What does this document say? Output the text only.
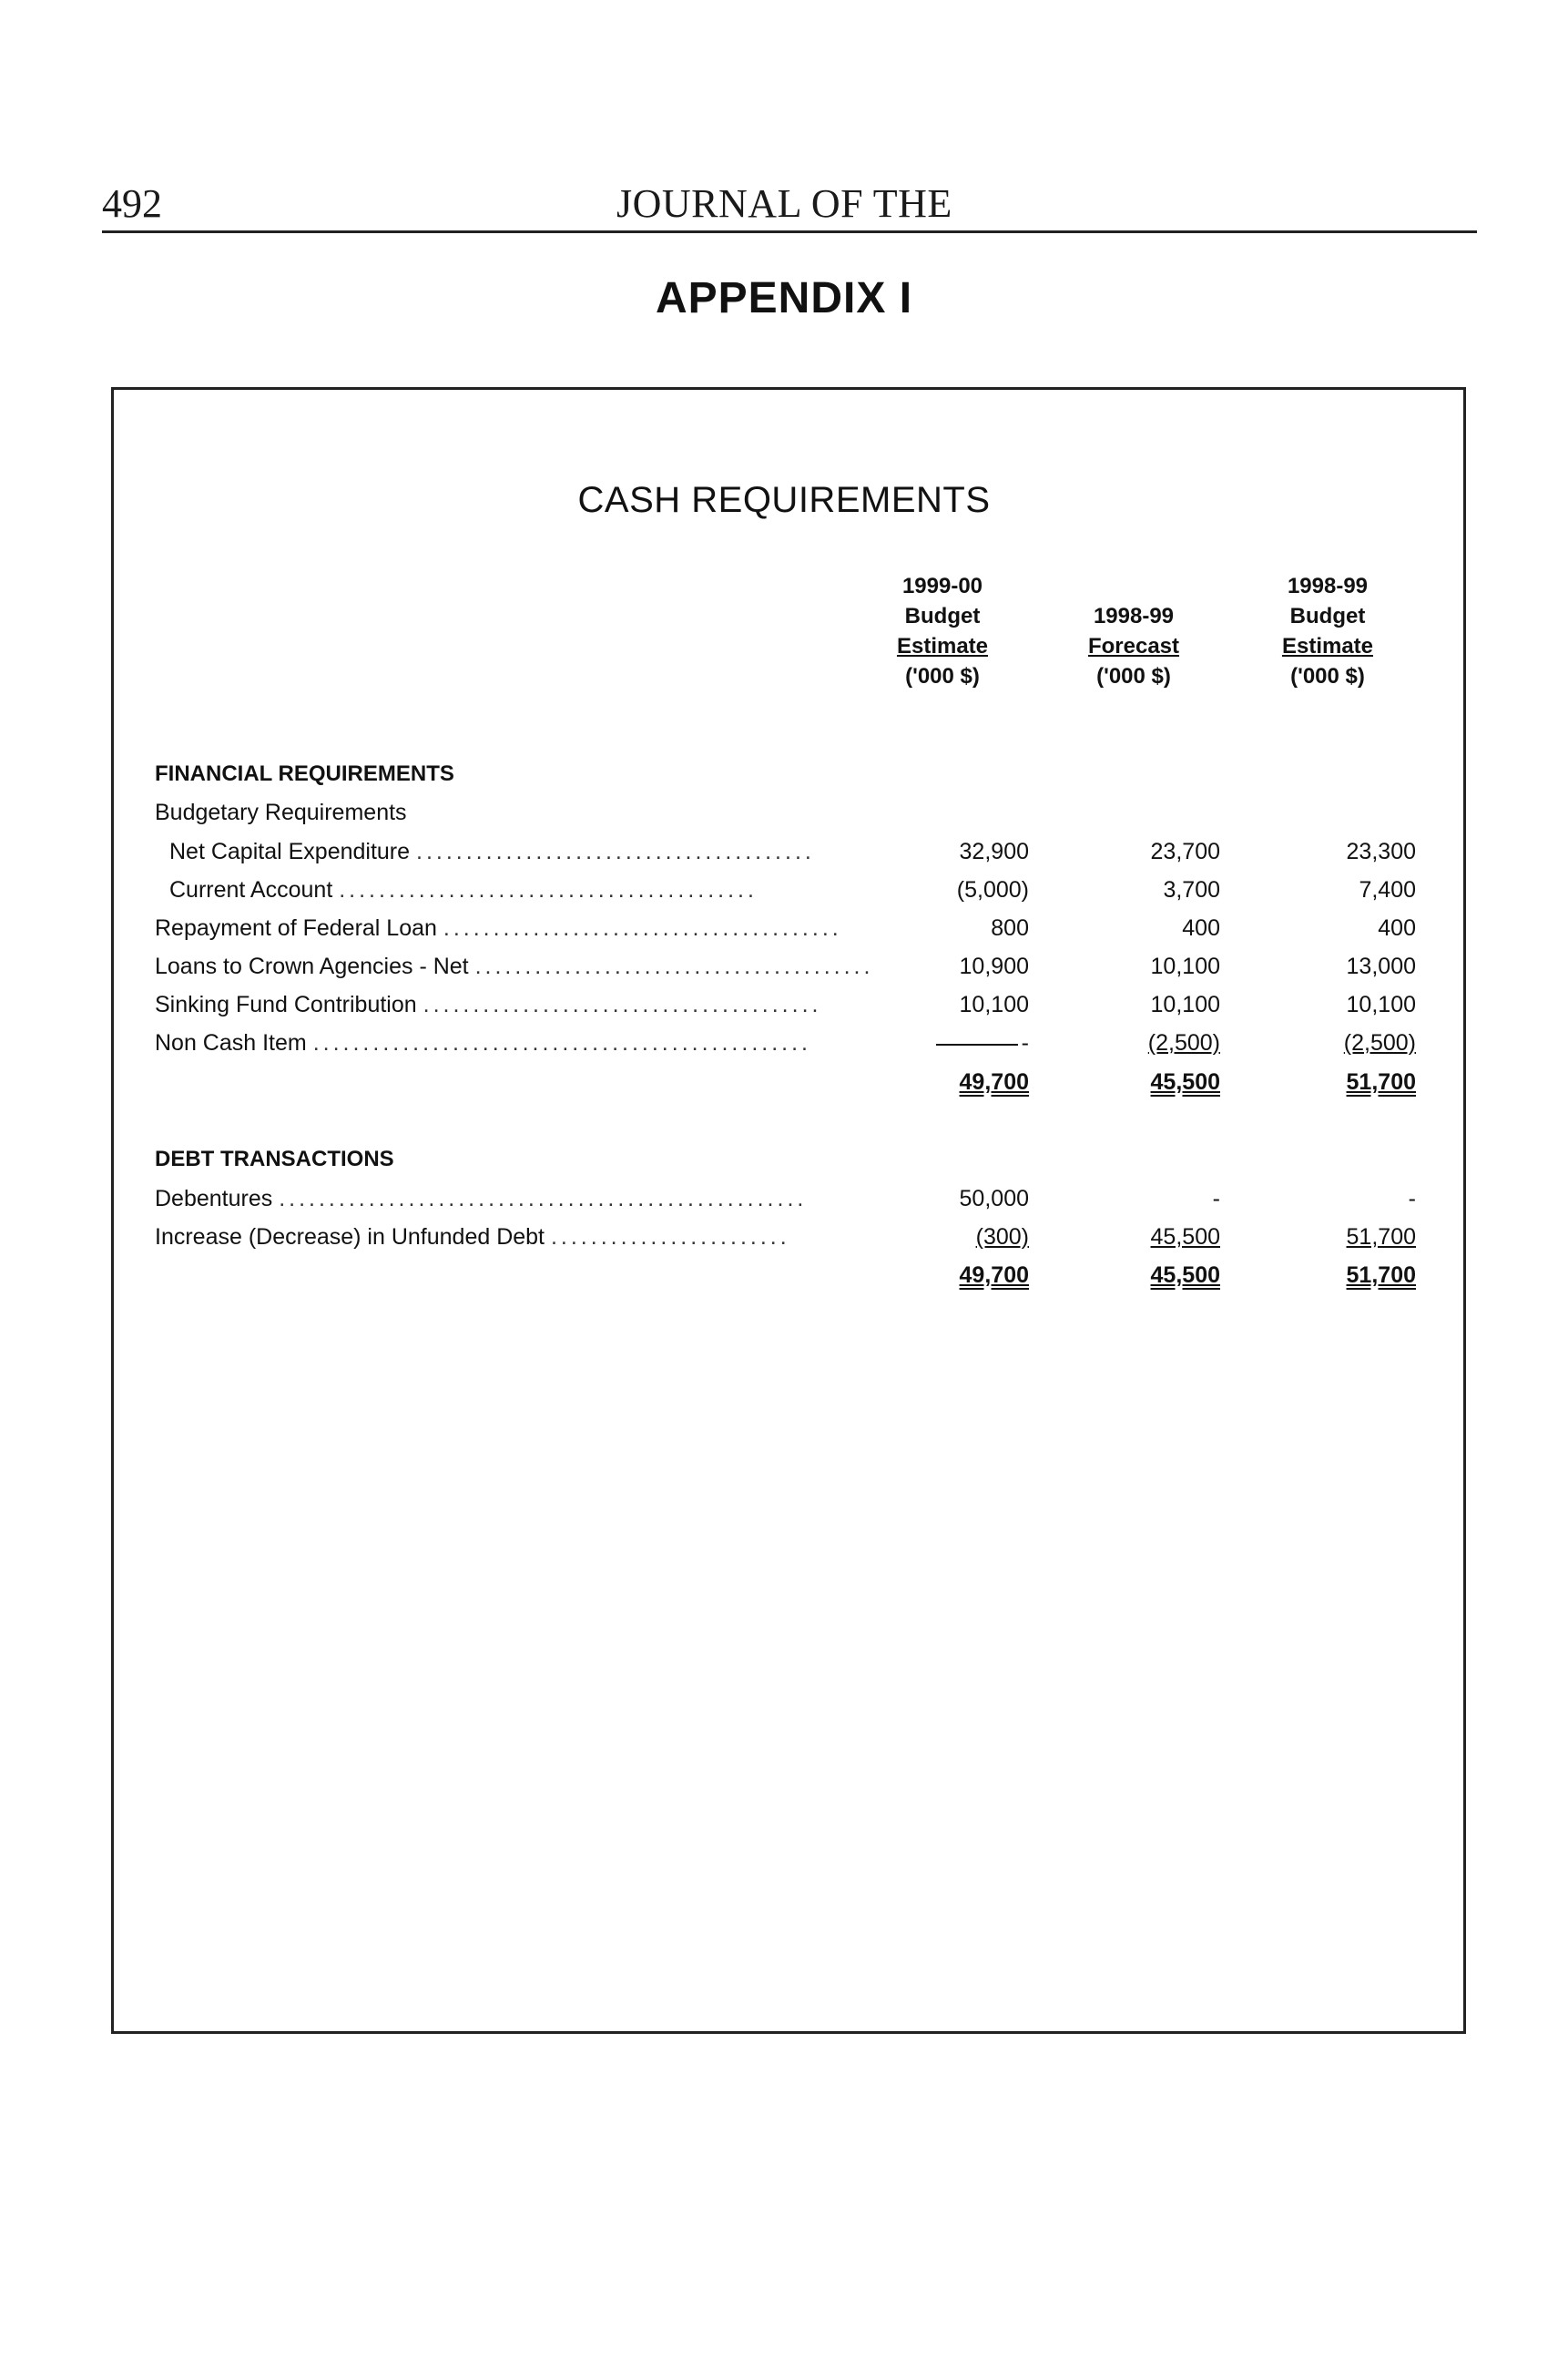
492	JOURNAL OF THE
APPENDIX I
CASH REQUIREMENTS
1999-00
Budget
Estimate
('000 $)
1998-99
Forecast
('000 $)
1998-99
Budget
Estimate
('000 $)
FINANCIAL REQUIREMENTS
Budgetary Requirements
Net Capital Expenditure ........................................	32,900	23,700	23,300
Current Account ..........................................	(5,000)	3,700	7,400
Repayment of Federal Loan ........................................	800	400	400
Loans to Crown Agencies - Net ........................................	10,900	10,100	13,000
Sinking Fund Contribution ........................................	10,100	10,100	10,100
Non Cash Item ..................................................	-	(2,500)	(2,500)
49,700	45,500	51,700
DEBT TRANSACTIONS
Debentures .....................................................	50,000	-	-
Increase (Decrease) in Unfunded Debt ........................	(300)	45,500	51,700
49,700	45,500	51,700
